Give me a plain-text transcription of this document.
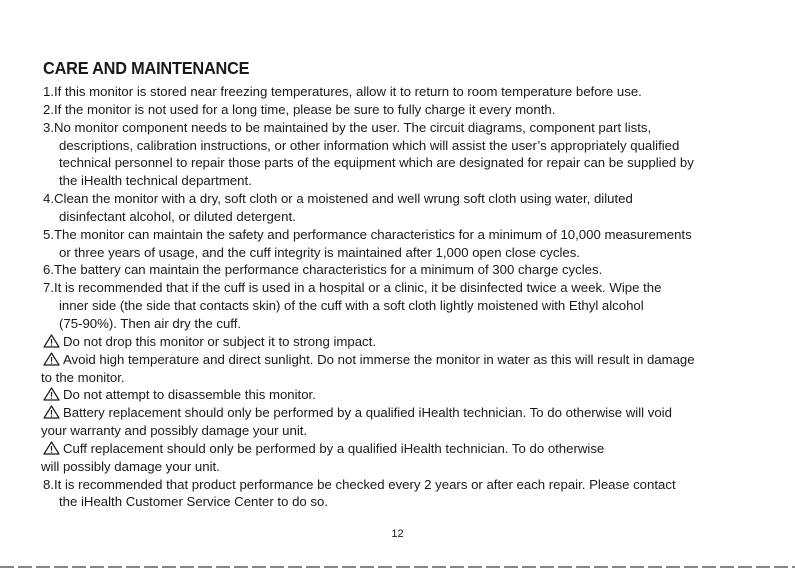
CARE AND MAINTENANCE
1.If this monitor is stored near freezing temperatures, allow it to return to room temperature before use.
2.If the monitor is not used for a long time, please be sure to fully charge it every month.
3.No monitor component needs to be maintained by the user. The circuit diagrams, component part lists,
descriptions, calibration instructions, or other information which will assist the user’s appropriately qualified
technical personnel to repair those parts of the equipment which are designated for repair can be supplied by
the iHealth technical department.
4.Clean the monitor with a dry, soft cloth or a moistened and well wrung soft cloth using water, diluted
disinfectant alcohol, or diluted detergent.
5.The monitor can maintain the safety and performance characteristics for a minimum of 10,000 measurements
or three years of usage, and the cuff integrity is maintained after 1,000 open close cycles.
6.The battery can maintain the performance characteristics for a minimum of 300 charge cycles.
7.It is recommended that if the cuff is used in a hospital or a clinic, it be disinfected twice a week. Wipe the
inner side (the side that contacts skin) of the cuff with a soft cloth lightly moistened with Ethyl alcohol
(75-90%). Then air dry the cuff.
Do not drop this monitor or subject it to strong impact.
Avoid high temperature and direct sunlight. Do not immerse the monitor in water as this will result in damage
to the monitor.
Do not attempt to disassemble this monitor.
Battery replacement should only be performed by a qualified iHealth technician. To do otherwise will void
your warranty and possibly damage your unit.
Cuff replacement should only be performed by a qualified iHealth technician. To do otherwise
will possibly damage your unit.
8.It is recommended that product performance be checked every 2 years or after each repair. Please contact
the iHealth Customer Service Center to do so.
12
